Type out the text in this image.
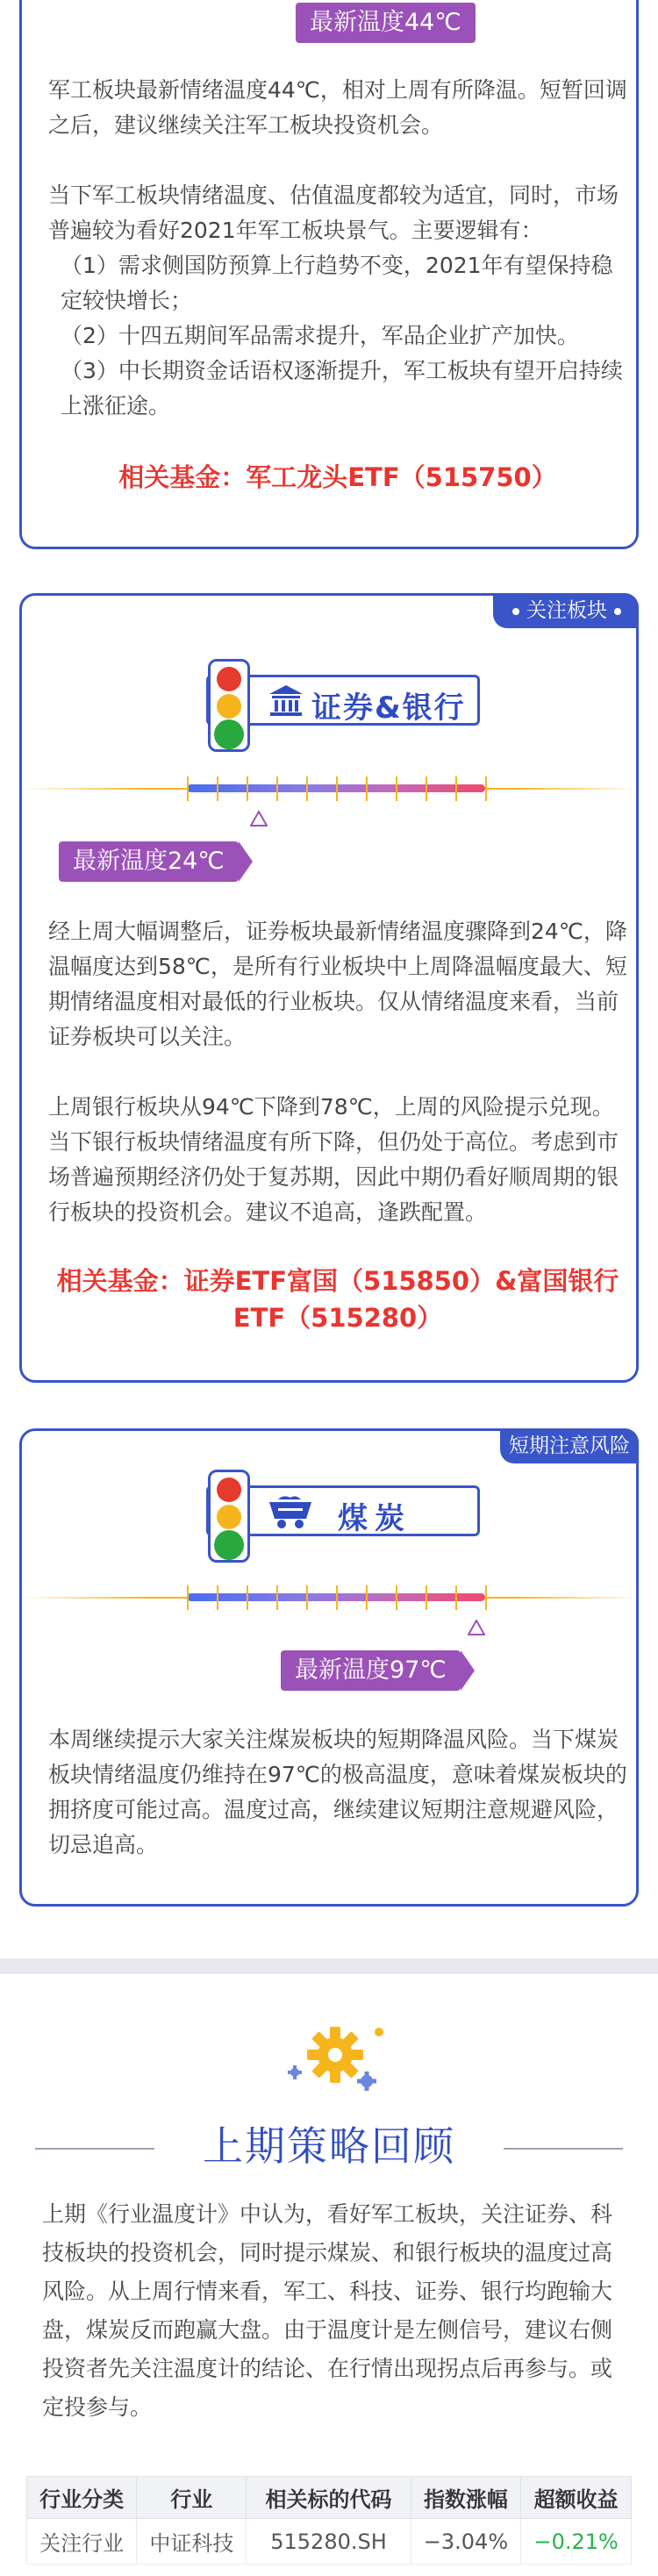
最新温度44℃

军工板块最新情绪温度44℃，相对上周有所降温。短暂回调之后，建议继续关注军工板块投资机会。

当下军工板块情绪温度、估值温度都较为适宜，同时，市场普遍较为看好2021年军工板块景气。主要逻辑有：

（1）需求侧国防预算上行趋势不变，2021年有望保持稳定较快增长；

（2）十四五期间军品需求提升，军品企业扩产加快。

（3）中长期资金话语权逐渐提升，军工板块有望开启持续上涨征途。

相关基金：军工龙头ETF（515750）
关注板块
证券&银行
最新温度24℃

经上周大幅调整后，证券板块最新情绪温度骤降到24℃，降温幅度达到58℃，是所有行业板块中上周降温幅度最大、短期情绪温度相对最低的行业板块。仅从情绪温度来看，当前证券板块可以关注。

上周银行板块从94℃下降到78℃，上周的风险提示兑现。当下银行板块情绪温度有所下降，但仍处于高位。考虑到市场普遍预期经济仍处于复苏期，因此中期仍看好顺周期的银行板块的投资机会。建议不追高，逢跌配置。

相关基金：证券ETF富国（515850）&富国银行ETF（515280）
短期注意风险
煤炭
最新温度97℃

本周继续提示大家关注煤炭板块的短期降温风险。当下煤炭板块情绪温度仍维持在97℃的极高温度，意味着煤炭板块的拥挤度可能过高。温度过高，继续建议短期注意规避风险，切忌追高。

上期策略回顾
上期《行业温度计》中认为，看好军工板块，关注证券、科技板块的投资机会，同时提示煤炭、和银行板块的温度过高风险。从上周行情来看，军工、科技、证券、银行均跑输大盘，煤炭反而跑赢大盘。由于温度计是左侧信号，建议右侧投资者先关注温度计的结论、在行情出现拐点后再参与。或定投参与。
行业分类	行业	相关标的代码	指数涨幅	超额收益
关注行业	中证科技	515280.SH	−3.04%	−0.21%
